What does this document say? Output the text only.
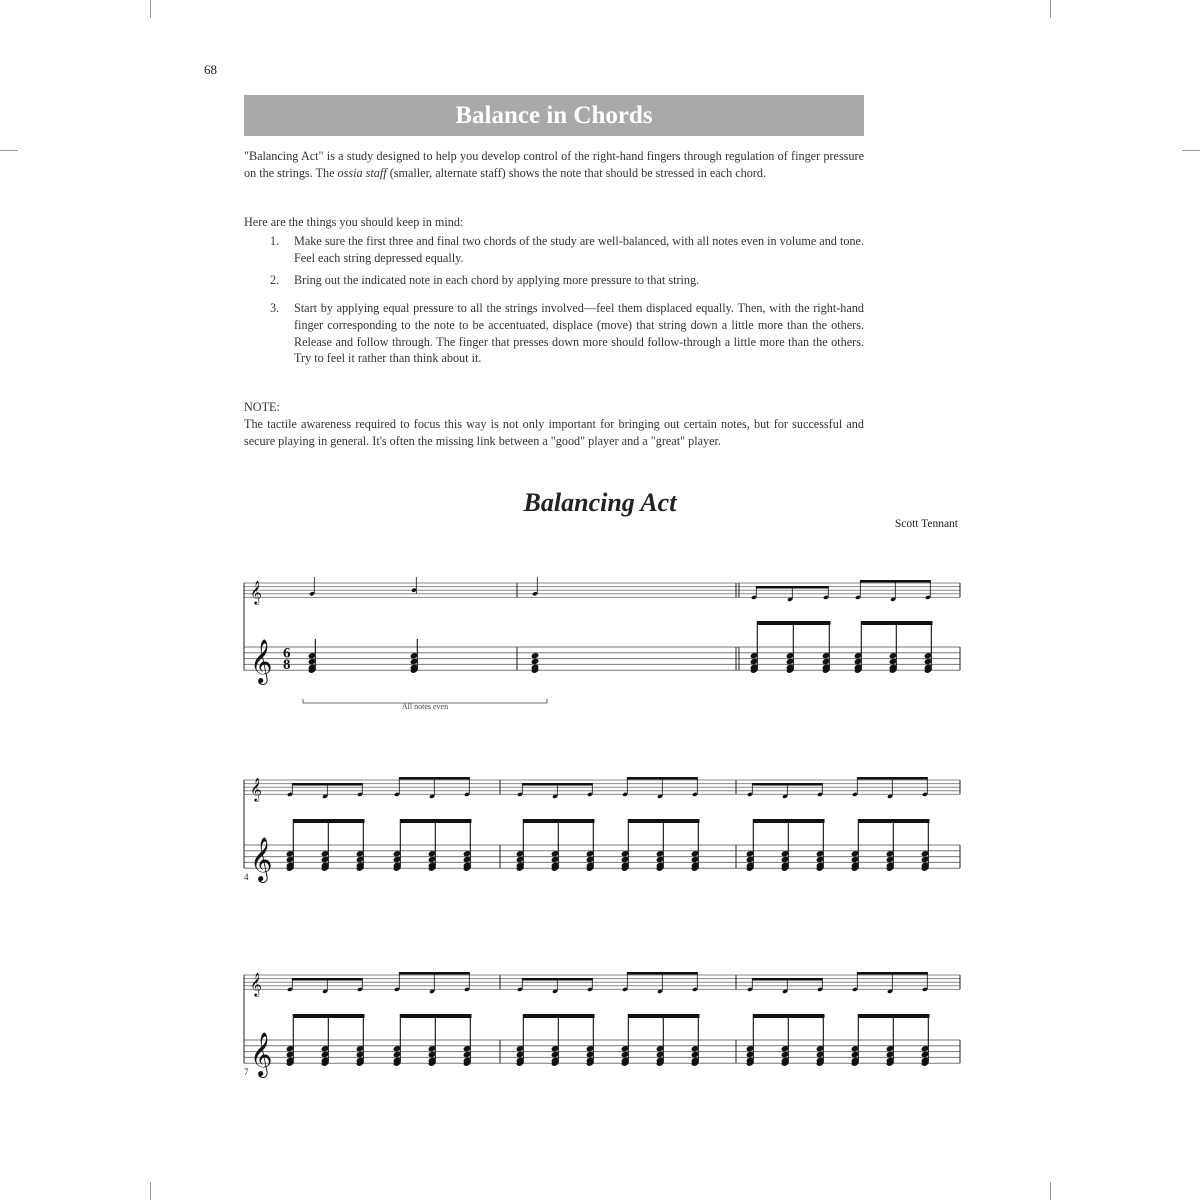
68
Balance in Chords
"Balancing Act" is a study designed to help you develop control of the right-hand fingers through regulation of finger pressure on the strings. The ossia staff (smaller, alternate staff) shows the note that should be stressed in each chord.
Here are the things you should keep in mind:
1.	Make sure the first three and final two chords of the study are well-balanced, with all notes even in volume and tone. Feel each string depressed equally.
2.	Bring out the indicated note in each chord by applying more pressure to that string.
3.	Start by applying equal pressure to all the strings involved—feel them displaced equally. Then, with the right-hand finger corresponding to the note to be accentuated, displace (move) that string down a little more than the others. Release and follow through. The finger that presses down more should follow-through a little more than the others. Try to feel it rather than think about it.
NOTE:
The tactile awareness required to focus this way is not only important for bringing out certain notes, but for successful and secure playing in general. It's often the missing link between a "good" player and a "great" player.
Balancing Act
Scott Tennant
𝄞
𝄞
𝄞
𝄞
4
𝄞
𝄞
7
6
8
All notes even
